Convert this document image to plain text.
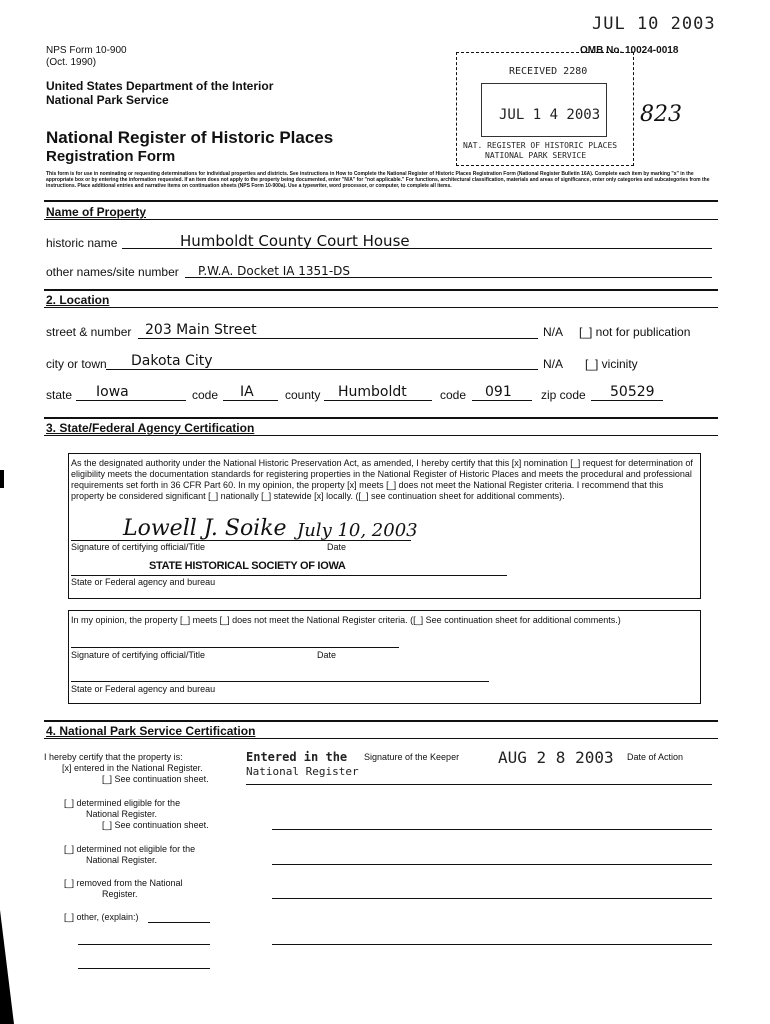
JUL 10 2003
NPS Form 10-900
(Oct. 1990)
OMB No. 10024-0018
United States Department of the Interior
National Park Service
National Register of Historic Places
Registration Form
This form is for use in nominating or requesting determinations for individual properties and districts. See instructions in How to Complete the National Register of Historic Places Registration Form (National Register Bulletin 16A). Complete each item by marking "x" in the appropriate box or by entering the information requested. If an item does not apply to the property being documented, enter "N/A" for "not applicable." For functions, architectural classification, materials and areas of significance, enter only categories and subcategories from the instructions. Place additional entries and narrative items on continuation sheets (NPS Form 10-900a). Use a typewriter, word processor, or computer, to complete all items.
RECEIVED 2280
JUL 1 4 2003
NAT. REGISTER OF HISTORIC PLACES
NATIONAL PARK SERVICE
823
Name of Property
historic name	Humboldt County Court House
other names/site number P.W.A. Docket IA 1351-DS
2. Location
street & number 203 Main Street	N/A [_] not for publication
city or town Dakota City	N/A [_] vicinity
state Iowa	code IA	county Humboldt	code 091 zip code 50529
3. State/Federal Agency Certification
As the designated authority under the National Historic Preservation Act, as amended, I hereby certify that this [x] nomination [_] request for determination of eligibility meets the documentation standards for registering properties in the National Register of Historic Places and meets the procedural and professional requirements set forth in 36 CFR Part 60. In my opinion, the property [x] meets [_] does not meet the National Register criteria. I recommend that this property be considered significant [_] nationally [_] statewide [x] locally. ([_] see continuation sheet for additional comments).
Lowell J. Soike July 10, 2003
Signature of certifying official/Title	Date
STATE HISTORICAL SOCIETY OF IOWA
State or Federal agency and bureau
In my opinion, the property [_] meets [_] does not meet the National Register criteria. ([_] See continuation sheet for additional comments.)
Signature of certifying official/Title	Date
State or Federal agency and bureau
4. National Park Service Certification
I hereby certify that the property is:
[x] entered in the National Register.
[_] See continuation sheet.
Entered in the
National Register
Signature of the Keeper AUG 2 8 2003 Date of Action
[_] determined eligible for the
National Register.
[_] See continuation sheet.
[_] determined not eligible for the
National Register.
[_] removed from the National
Register.
[_] other, (explain:)
